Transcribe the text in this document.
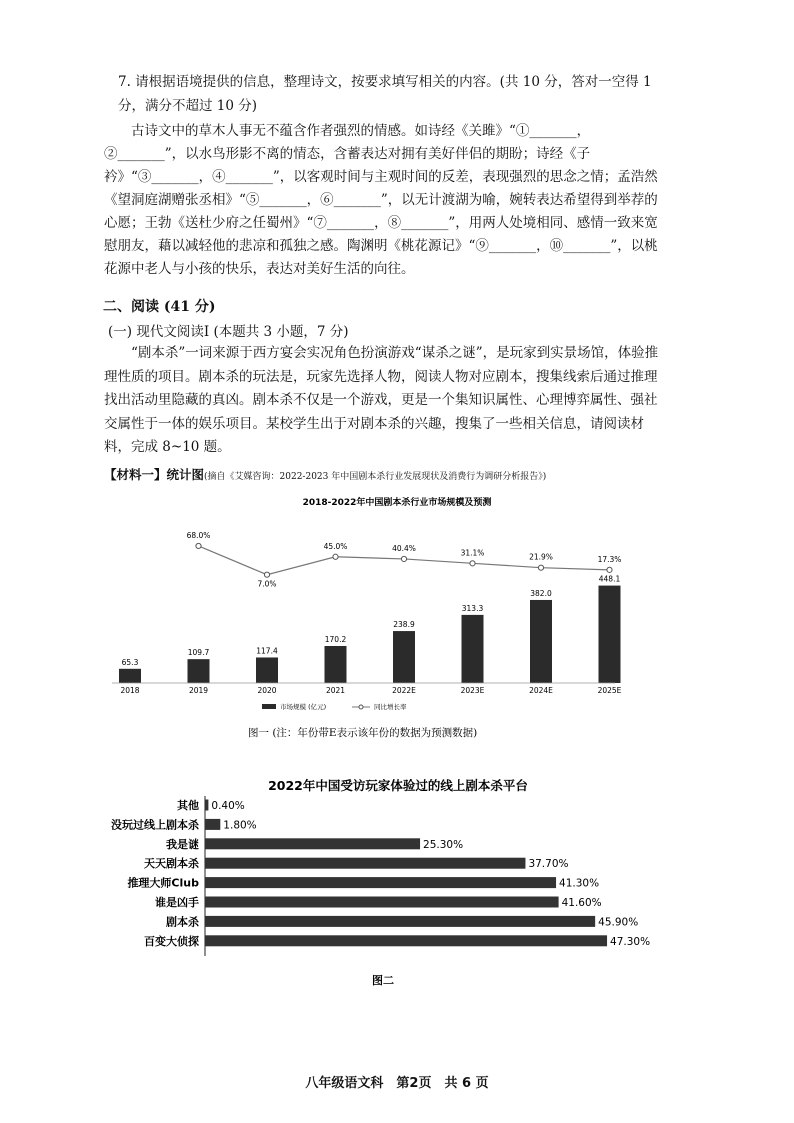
7. 请根据语境提供的信息，整理诗文，按要求填写相关的内容。(共 10 分，答对一空得 1 分，满分不超过 10 分)
古诗文中的草木人事无不蕴含作者强烈的情感。如诗经《关雎》“①_______，②_______”，以水鸟形影不离的情态，含蓄表达对拥有美好伴侣的期盼；诗经《子衿》“③_______，④_______”，以客观时间与主观时间的反差，表现强烈的思念之情；孟浩然《望洞庭湖赠张丞相》“⑤_______，⑥_______”，以无计渡湖为喻，婉转表达希望得到举荐的心愿；王勃《送杜少府之任蜀州》“⑦_______，⑧_______”，用两人处境相同、感情一致来宽慰朋友，藉以减轻他的悲凉和孤独之感。陶渊明《桃花源记》“⑨_______，⑩_______”，以桃花源中老人与小孩的快乐，表达对美好生活的向往。
二、阅读 (41 分)
(一) 现代文阅读Ⅰ (本题共 3 小题，7 分)
“剧本杀”一词来源于西方宴会实况角色扮演游戏“谋杀之谜”，是玩家到实景场馆，体验推理性质的项目。剧本杀的玩法是，玩家先选择人物，阅读人物对应剧本，搜集线索后通过推理找出活动里隐藏的真凶。剧本杀不仅是一个游戏，更是一个集知识属性、心理博弈属性、强社交属性于一体的娱乐项目。某校学生出于对剧本杀的兴趣，搜集了一些相关信息，请阅读材料，完成 8~10 题。
【材料一】统计图(摘自《艾媒咨询：2022-2023 年中国剧本杀行业发展现状及消费行为调研分析报告》)
2018-2022年中国剧本杀行业市场规模及预测
65.3
2018
109.7
2019
68.0%
117.4
2020
7.0%
170.2
2021
45.0%
238.9
2022E
40.4%
313.3
2023E
31.1%
382.0
2024E
21.9%
448.1
2025E
17.3%
市场规模 (亿元)	同比增长率
图一 (注：年份带E表示该年份的数据为预测数据)
2022年中国受访玩家体验过的线上剧本杀平台
其他 0.40%
没玩过线上剧本杀 1.80%
我是谜	25.30%
天天剧本杀	37.70%
推理大师Club	41.30%
谁是凶手	41.60%
剧本杀	45.90%
百变大侦探	47.30%
图二
八年级语文科　第2页　共 6 页
